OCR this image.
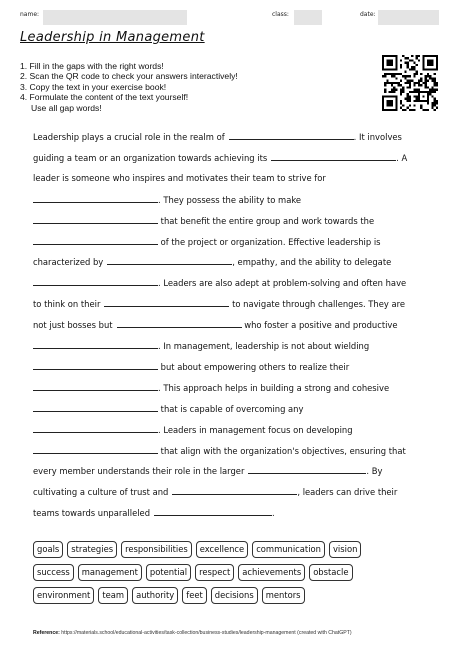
name:	class:	date:
Leadership in Management
1. Fill in the gaps with the right words!
2. Scan the QR code to check your answers interactively!
3. Copy the text in your exercise book!
4. Formulate the content of the text yourself!
Use all gap words!
Leadership plays a crucial role in the realm of	. It involves
guiding a team or an organization towards achieving its	. A
leader is someone who inspires and motivates their team to strive for
. They possess the ability to make
that benefit the entire group and work towards the
of the project or organization. Effective leadership is
characterized by	, empathy, and the ability to delegate
. Leaders are also adept at problem-solving and often have
to think on their	to navigate through challenges. They are
not just bosses but	who foster a positive and productive
. In management, leadership is not about wielding
but about empowering others to realize their
. This approach helps in building a strong and cohesive
that is capable of overcoming any
. Leaders in management focus on developing
that align with the organization's objectives, ensuring that
every member understands their role in the larger	. By
cultivating a culture of trust and	, leaders can drive their
teams towards unparalleled	.
goals	strategies	responsibilities	excellence	communication	vision
success	management	potential	respect	achievements	obstacle
environment	team	authority	feet	decisions	mentors
Reference: https://materials.school/educational-activities/task-collection/business-studies/leadership-management (created with ChatGPT)
